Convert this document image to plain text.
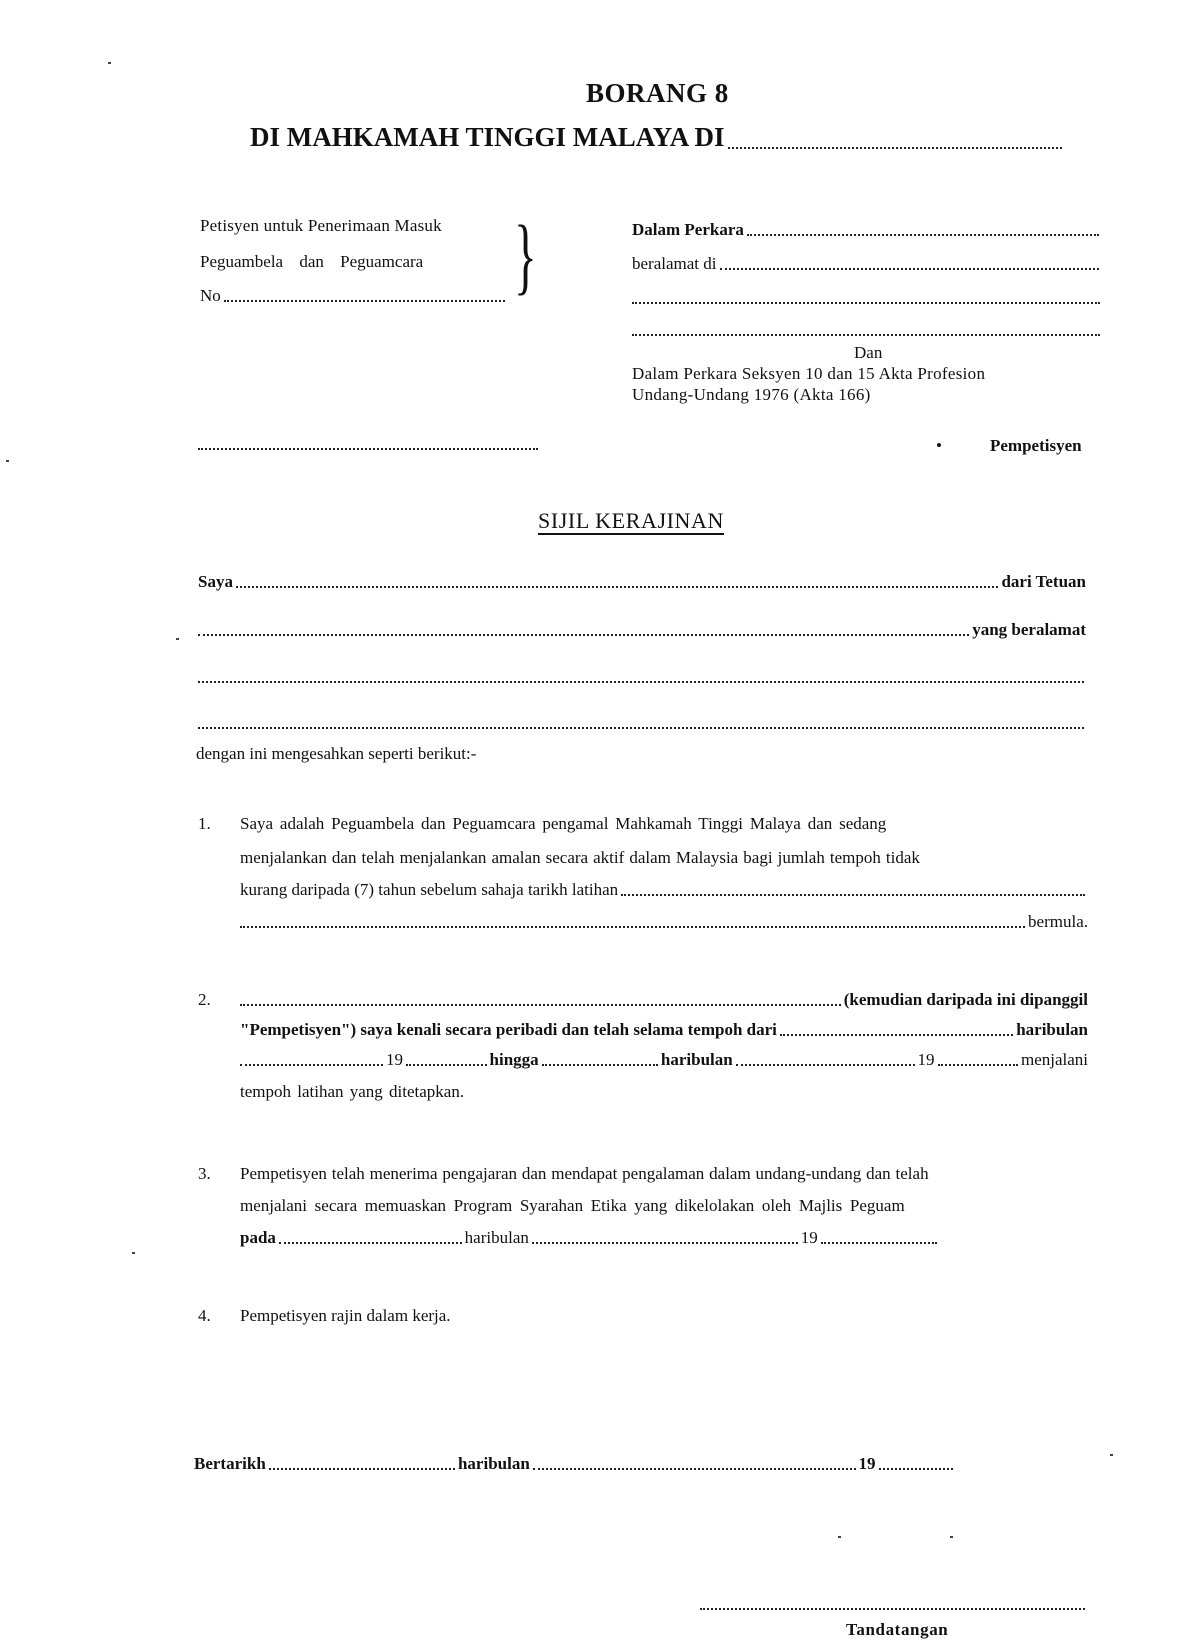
BORANG 8
DI MAHKAMAH TINGGI MALAYA DI
Petisyen untuk Penerimaan Masuk
Peguambela dan Peguamcara
No	}	Dalam Perkara
beralamat di
Dan
Dalam Perkara Seksyen 10 dan 15 Akta Profesion
Undang-Undang 1976 (Akta 166)
•	Pempetisyen
SIJIL KERAJINAN
Saya	dari Tetuan
yang beralamat
dengan ini mengesahkan seperti berikut:-
1. Saya adalah Peguambela dan Peguamcara pengamal Mahkamah Tinggi Malaya dan sedang
menjalankan dan telah menjalankan amalan secara aktif dalam Malaysia bagi jumlah tempoh tidak
kurang daripada (7) tahun sebelum sahaja tarikh latihan
bermula.
2.	(kemudian daripada ini dipanggil
"Pempetisyen") saya kenali secara peribadi dan telah selama tempoh dari	haribulan
19	hingga	haribulan	19	menjalani
tempoh latihan yang ditetapkan.
3. Pempetisyen telah menerima pengajaran dan mendapat pengalaman dalam undang-undang dan telah
menjalani secara memuaskan Program Syarahan Etika yang dikelolakan oleh Majlis Peguam
pada	haribulan	19
4. Pempetisyen rajin dalam kerja.
Bertarikh	haribulan	19
Tandatangan
